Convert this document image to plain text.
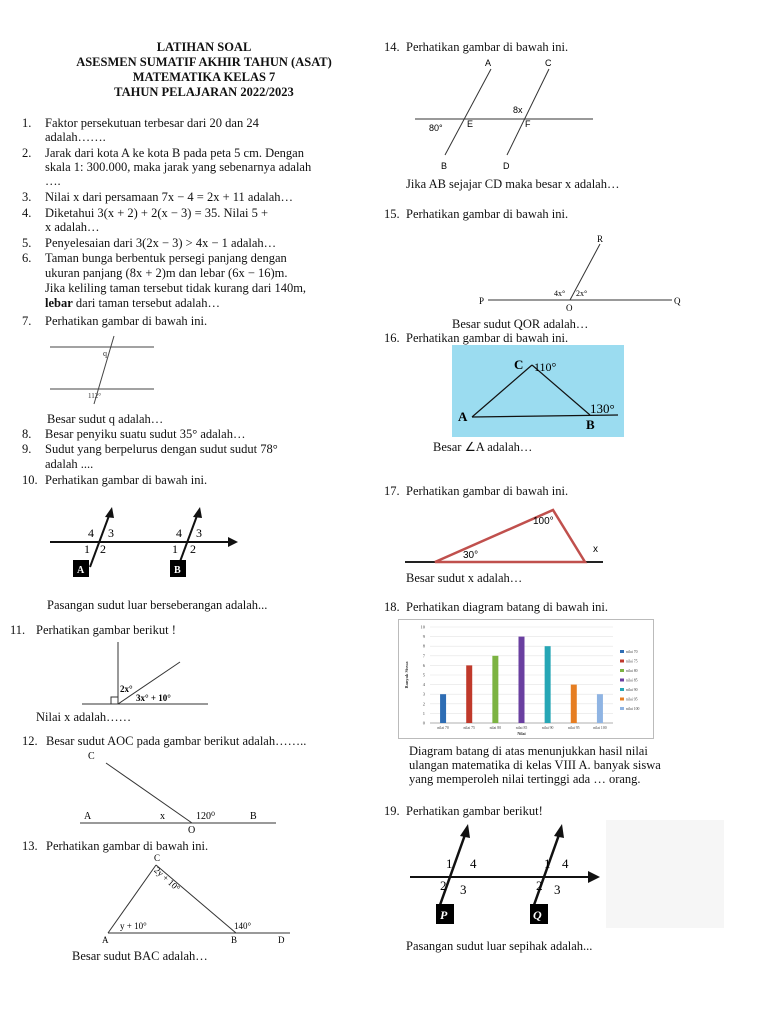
LATIHAN SOAL
ASESMEN SUMATIF AKHIR TAHUN (ASAT)
MATEMATIKA KELAS 7
TAHUN PELAJARAN 2022/2023
1. Faktor persekutuan terbesar dari 20 dan 24
adalah…….
2. Jarak dari kota A ke kota B pada peta 5 cm. Dengan
skala 1: 300.000, maka jarak yang sebenarnya adalah
….
3. Nilai x dari persamaan 7x − 4 = 2x + 11 adalah…
4. Diketahui 3(x + 2) + 2(x − 3) = 35. Nilai 5 +
x adalah…
5. Penyelesaian dari 3(2x − 3) > 4x − 1 adalah…
6. Taman bunga berbentuk persegi panjang dengan
ukuran panjang (8x + 2)m dan lebar (6x − 16)m.
Jika keliling taman tersebut tidak kurang dari 140m,
lebar dari taman tersebut adalah…
7. Perhatikan gambar di bawah ini.
q
112°
Besar sudut q adalah…
8. Besar penyiku suatu sudut 35° adalah…
9. Sudut yang berpelurus dengan sudut sudut 78°
adalah ....
10. Perhatikan gambar di bawah ini.
4 3
1 2
4 3
1 2
A	B
Pasangan sudut luar berseberangan adalah...
11. Perhatikan gambar berikut !
2x°
3x° + 10°
Nilai x adalah……
12. Besar sudut AOC pada gambar berikut adalah……..
C
A	x	120⁰	B
O
13. Perhatikan gambar di bawah ini.
C
2y + 10°
y + 10°	140°
A	B	D
Besar sudut BAC adalah…
14. Perhatikan gambar di bawah ini.
A	C
8x
80°	E	F
B	D
Jika AB sejajar CD maka besar x adalah…
15. Perhatikan gambar di bawah ini.
R
P	Q
O
4x° 2x°
Besar sudut QOR adalah…
16. Perhatikan gambar di bawah ini.
C 110°
A
B
130°
Besar ∠A adalah…
17. Perhatikan gambar di bawah ini.
100°
30°
x
Besar sudut x adalah…
18. Perhatikan diagram batang di bawah ini.
0
1
2
3
4
5
6
7
8
9
10
Banyak Siswa
nilai 70	nilai 75	nilai 80	nilai 85	nilai 90	nilai 95	nilai 100
Nilai
nilai 70
nilai 75
nilai 80
nilai 85
nilai 90
nilai 95
nilai 100
Diagram batang di atas menunjukkan hasil nilai
ulangan matematika di kelas VIII A. banyak siswa
yang memperoleh nilai tertinggi ada … orang.
19. Perhatikan gambar berikut!
1 4
2 3
1 4
2 3
P	Q
Pasangan sudut luar sepihak adalah...
